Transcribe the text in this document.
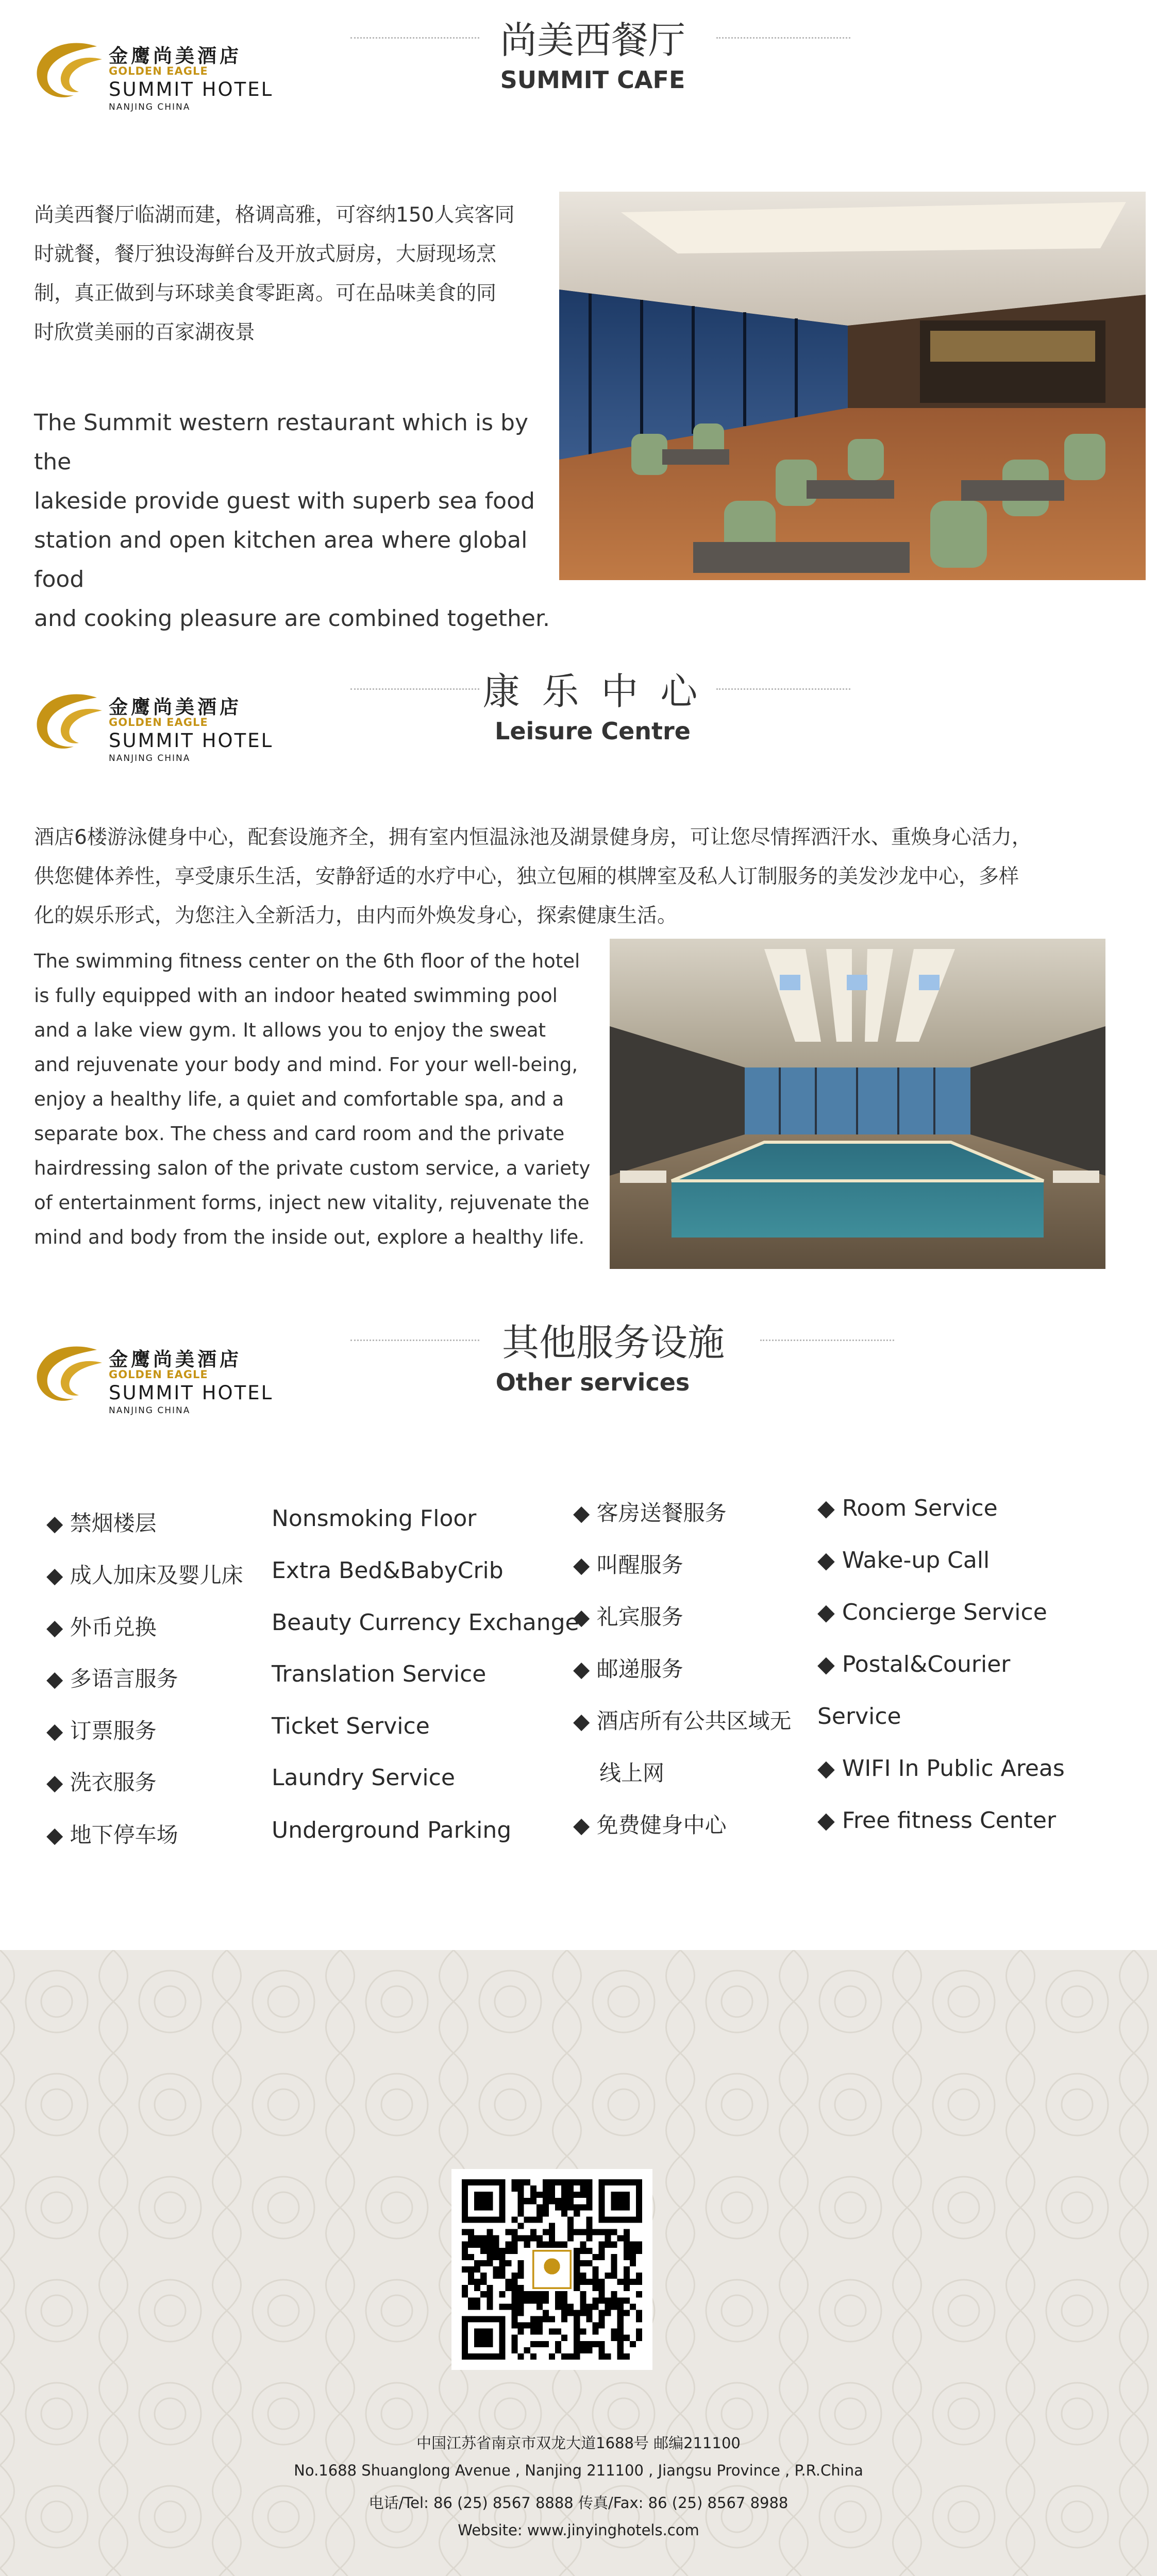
金鹰尚美酒店
GOLDEN EAGLE
SUMMIT HOTEL
NANJING CHINA
尚美西餐厅
SUMMIT CAFE
尚美西餐厅临湖而建，格调高雅，可容纳150人宾客同
时就餐，餐厅独设海鲜台及开放式厨房，大厨现场烹
制，真正做到与环球美食零距离。可在品味美食的同
时欣赏美丽的百家湖夜景
The Summit western restaurant which is by the
lakeside provide guest with superb sea food
station and open kitchen area where global food
and cooking pleasure are combined together.
金鹰尚美酒店
GOLDEN EAGLE
SUMMIT HOTEL
NANJING CHINA
康 乐 中 心
Leisure Centre
酒店6楼游泳健身中心，配套设施齐全，拥有室内恒温泳池及湖景健身房，可让您尽情挥洒汗水、重焕身心活力，
供您健体养性，享受康乐生活，安静舒适的水疗中心，独立包厢的棋牌室及私人订制服务的美发沙龙中心，多样
化的娱乐形式，为您注入全新活力，由内而外焕发身心，探索健康生活。
The swimming fitness center on the 6th floor of the hotel
is fully equipped with an indoor heated swimming pool
and a lake view gym. It allows you to enjoy the sweat
and rejuvenate your body and mind. For your well-being,
enjoy a healthy life, a quiet and comfortable spa, and a
separate box. The chess and card room and the private
hairdressing salon of the private custom service, a variety
of entertainment forms, inject new vitality, rejuvenate the
mind and body from the inside out, explore a healthy life.
金鹰尚美酒店
GOLDEN EAGLE
SUMMIT HOTEL
NANJING CHINA
其他服务设施
Other services
◆ 禁烟楼层
◆ 成人加床及婴儿床
◆ 外币兑换
◆ 多语言服务
◆ 订票服务
◆ 洗衣服务
◆ 地下停车场
Nonsmoking Floor
Extra Bed&BabyCrib
Beauty Currency Exchange
Translation Service
Ticket Service
Laundry Service
Underground Parking
◆ 客房送餐服务
◆ 叫醒服务
◆ 礼宾服务
◆ 邮递服务
◆ 酒店所有公共区域无
线上网
◆ 免费健身中心
◆ Room Service
◆ Wake-up Call
◆ Concierge Service
◆ Postal&Courier
Service
◆ WIFI In Public Areas
◆ Free fitness Center
中国江苏省南京市双龙大道1688号 邮编211100
No.1688 Shuanglong Avenue , Nanjing 211100 , Jiangsu Province , P.R.China
电话/Tel: 86 (25) 8567 8888 传真/Fax: 86 (25) 8567 8988
Website: www.jinyinghotels.com
